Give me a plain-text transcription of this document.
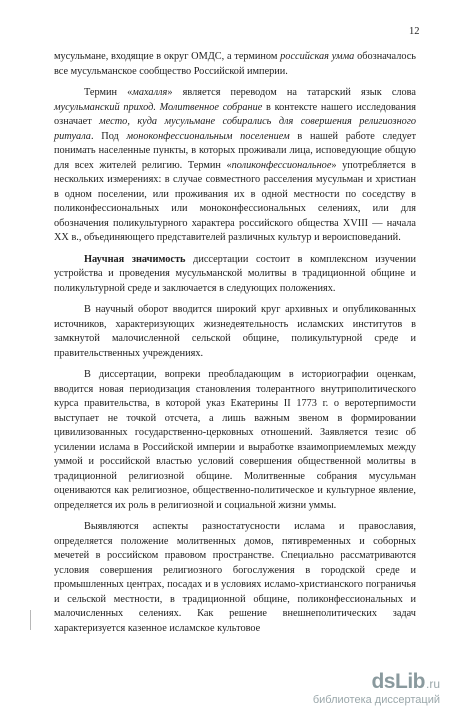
12

мусульмане, входящие в округ ОМДС, а термином российская умма обозначалось все мусульманское сообщество Российской империи.

Термин «махалля» является переводом на татарский язык слова мусульманский приход. Молитвенное собрание в контексте нашего исследования означает место, куда мусульмане собирались для совершения религиозного ритуала. Под моноконфессиональным поселением в нашей работе следует понимать населенные пункты, в которых проживали лица, исповедующие общую для всех жителей религию. Термин «поликонфессиональное» употребляется в нескольких измерениях: в случае совместного расселения мусульман и христиан в одном поселении, или проживания их в одной местности по соседству в поликонфессиональных или моноконфессиональных селениях, или для обозначения поликультурного характера российского общества XVIII — начала XX в., объединяющего представителей различных культур и вероисповеданий.

Научная значимость диссертации состоит в комплексном изучении устройства и проведения мусульманской молитвы в традиционной общине и поликультурной среде и заключается в следующих положениях.

В научный оборот вводится широкий круг архивных и опубликованных источников, характеризующих жизнедеятельность исламских институтов в замкнутой малочисленной сельской общине, поликультурной среде и правительственных учреждениях.

В диссертации, вопреки преобладающим в историографии оценкам, вводится новая периодизация становления толерантного внутриполитического курса правительства, в которой указ Екатерины II 1773 г. о веротерпимости выступает не точкой отсчета, а лишь важным звеном в формировании цивилизованных государственно-церковных отношений. Заявляется тезис об усилении ислама в Российской империи и выработке взаимоприемлемых между уммой и российской властью условий совершения общественной молитвы в традиционной религиозной общине. Молитвенные собрания мусульман оцениваются как религиозное, общественно-политическое и культурное явление, определяется их роль в религиозной и социальной жизни уммы.

Выявляются аспекты разностатусности ислама и православия, определяется положение молитвенных домов, пятивременных и соборных мечетей в российском правовом пространстве. Специально рассматриваются условия совершения религиозного богослужения в городской среде и промышленных центрах, посадах и в условиях исламо-христианского пограничья и сельской местности, в традиционной общине, поликонфессиональных и малочисленных селениях. Как решение внешнеполитических задач характеризуется казенное исламское культовое

dsLib .ru
библиотека диссертаций
